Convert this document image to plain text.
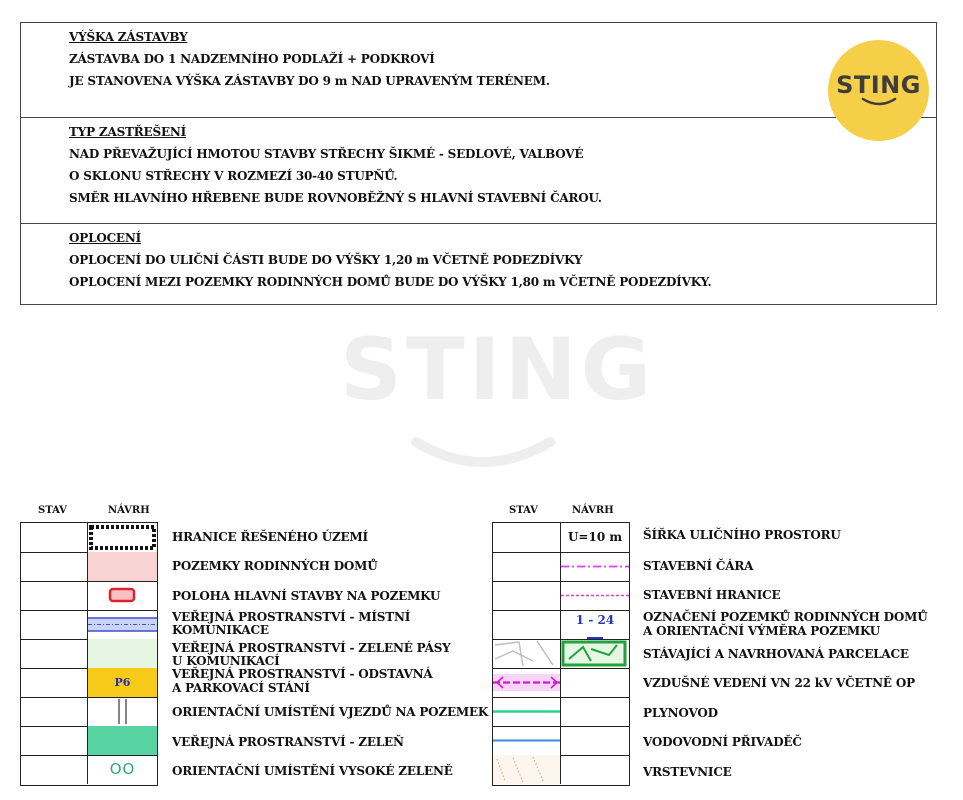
VÝŠKA ZÁSTAVBY
ZÁSTAVBA DO 1 NADZEMNÍHO PODLAŽÍ + PODKROVÍ
JE STANOVENA VÝŠKA ZÁSTAVBY DO 9 m NAD UPRAVENÝM TERÉNEM.
TYP ZASTŘEŠENÍ
NAD PŘEVAŽUJÍCÍ HMOTOU STAVBY STŘECHY ŠIKMÉ - SEDLOVÉ, VALBOVÉ
O SKLONU STŘECHY V ROZMEZÍ 30-40 STUPŇŮ.
SMĚR HLAVNÍHO HŘEBENE BUDE ROVNOBĚŽNÝ S HLAVNÍ STAVEBNÍ ČAROU.
OPLOCENÍ
OPLOCENÍ DO ULIČNÍ ČÁSTI BUDE DO VÝŠKY 1,20 m VČETNĚ PODEZDÍVKY
OPLOCENÍ MEZI POZEMKY RODINNÝCH DOMŮ BUDE DO VÝŠKY 1,80 m VČETNĚ PODEZDÍVKY.
STING
STING
STAV	NÁVRH
P6
OO
HRANICE ŘEŠENÉHO ÚZEMÍ
POZEMKY RODINNÝCH DOMŮ
POLOHA HLAVNÍ STAVBY NA POZEMKU
VEŘEJNÁ PROSTRANSTVÍ - MÍSTNÍ
KOMUNIKACE
VEŘEJNÁ PROSTRANSTVÍ - ZELENÉ PÁSY
U KOMUNIKACÍ
VEŘEJNÁ PROSTRANSTVÍ - ODSTAVNÁ
A PARKOVACÍ STÁNÍ
ORIENTAČNÍ UMÍSTĚNÍ VJEZDŮ NA POZEMEK
VEŘEJNÁ PROSTRANSTVÍ - ZELEŇ
ORIENTAČNÍ UMÍSTĚNÍ VYSOKÉ ZELENĚ
STAV	NÁVRH
U=10 m
1 - 24
ŠÍŘKA ULIČNÍHO PROSTORU
STAVEBNÍ ČÁRA
STAVEBNÍ HRANICE
OZNAČENÍ POZEMKŮ RODINNÝCH DOMŮ
A ORIENTAČNÍ VÝMĚRA POZEMKU
STÁVAJÍCÍ A NAVRHOVANÁ PARCELACE
VZDUŠNÉ VEDENÍ VN 22 kV VČETNĚ OP
PLYNOVOD
VODOVODNÍ PŘIVADĚČ
VRSTEVNICE
